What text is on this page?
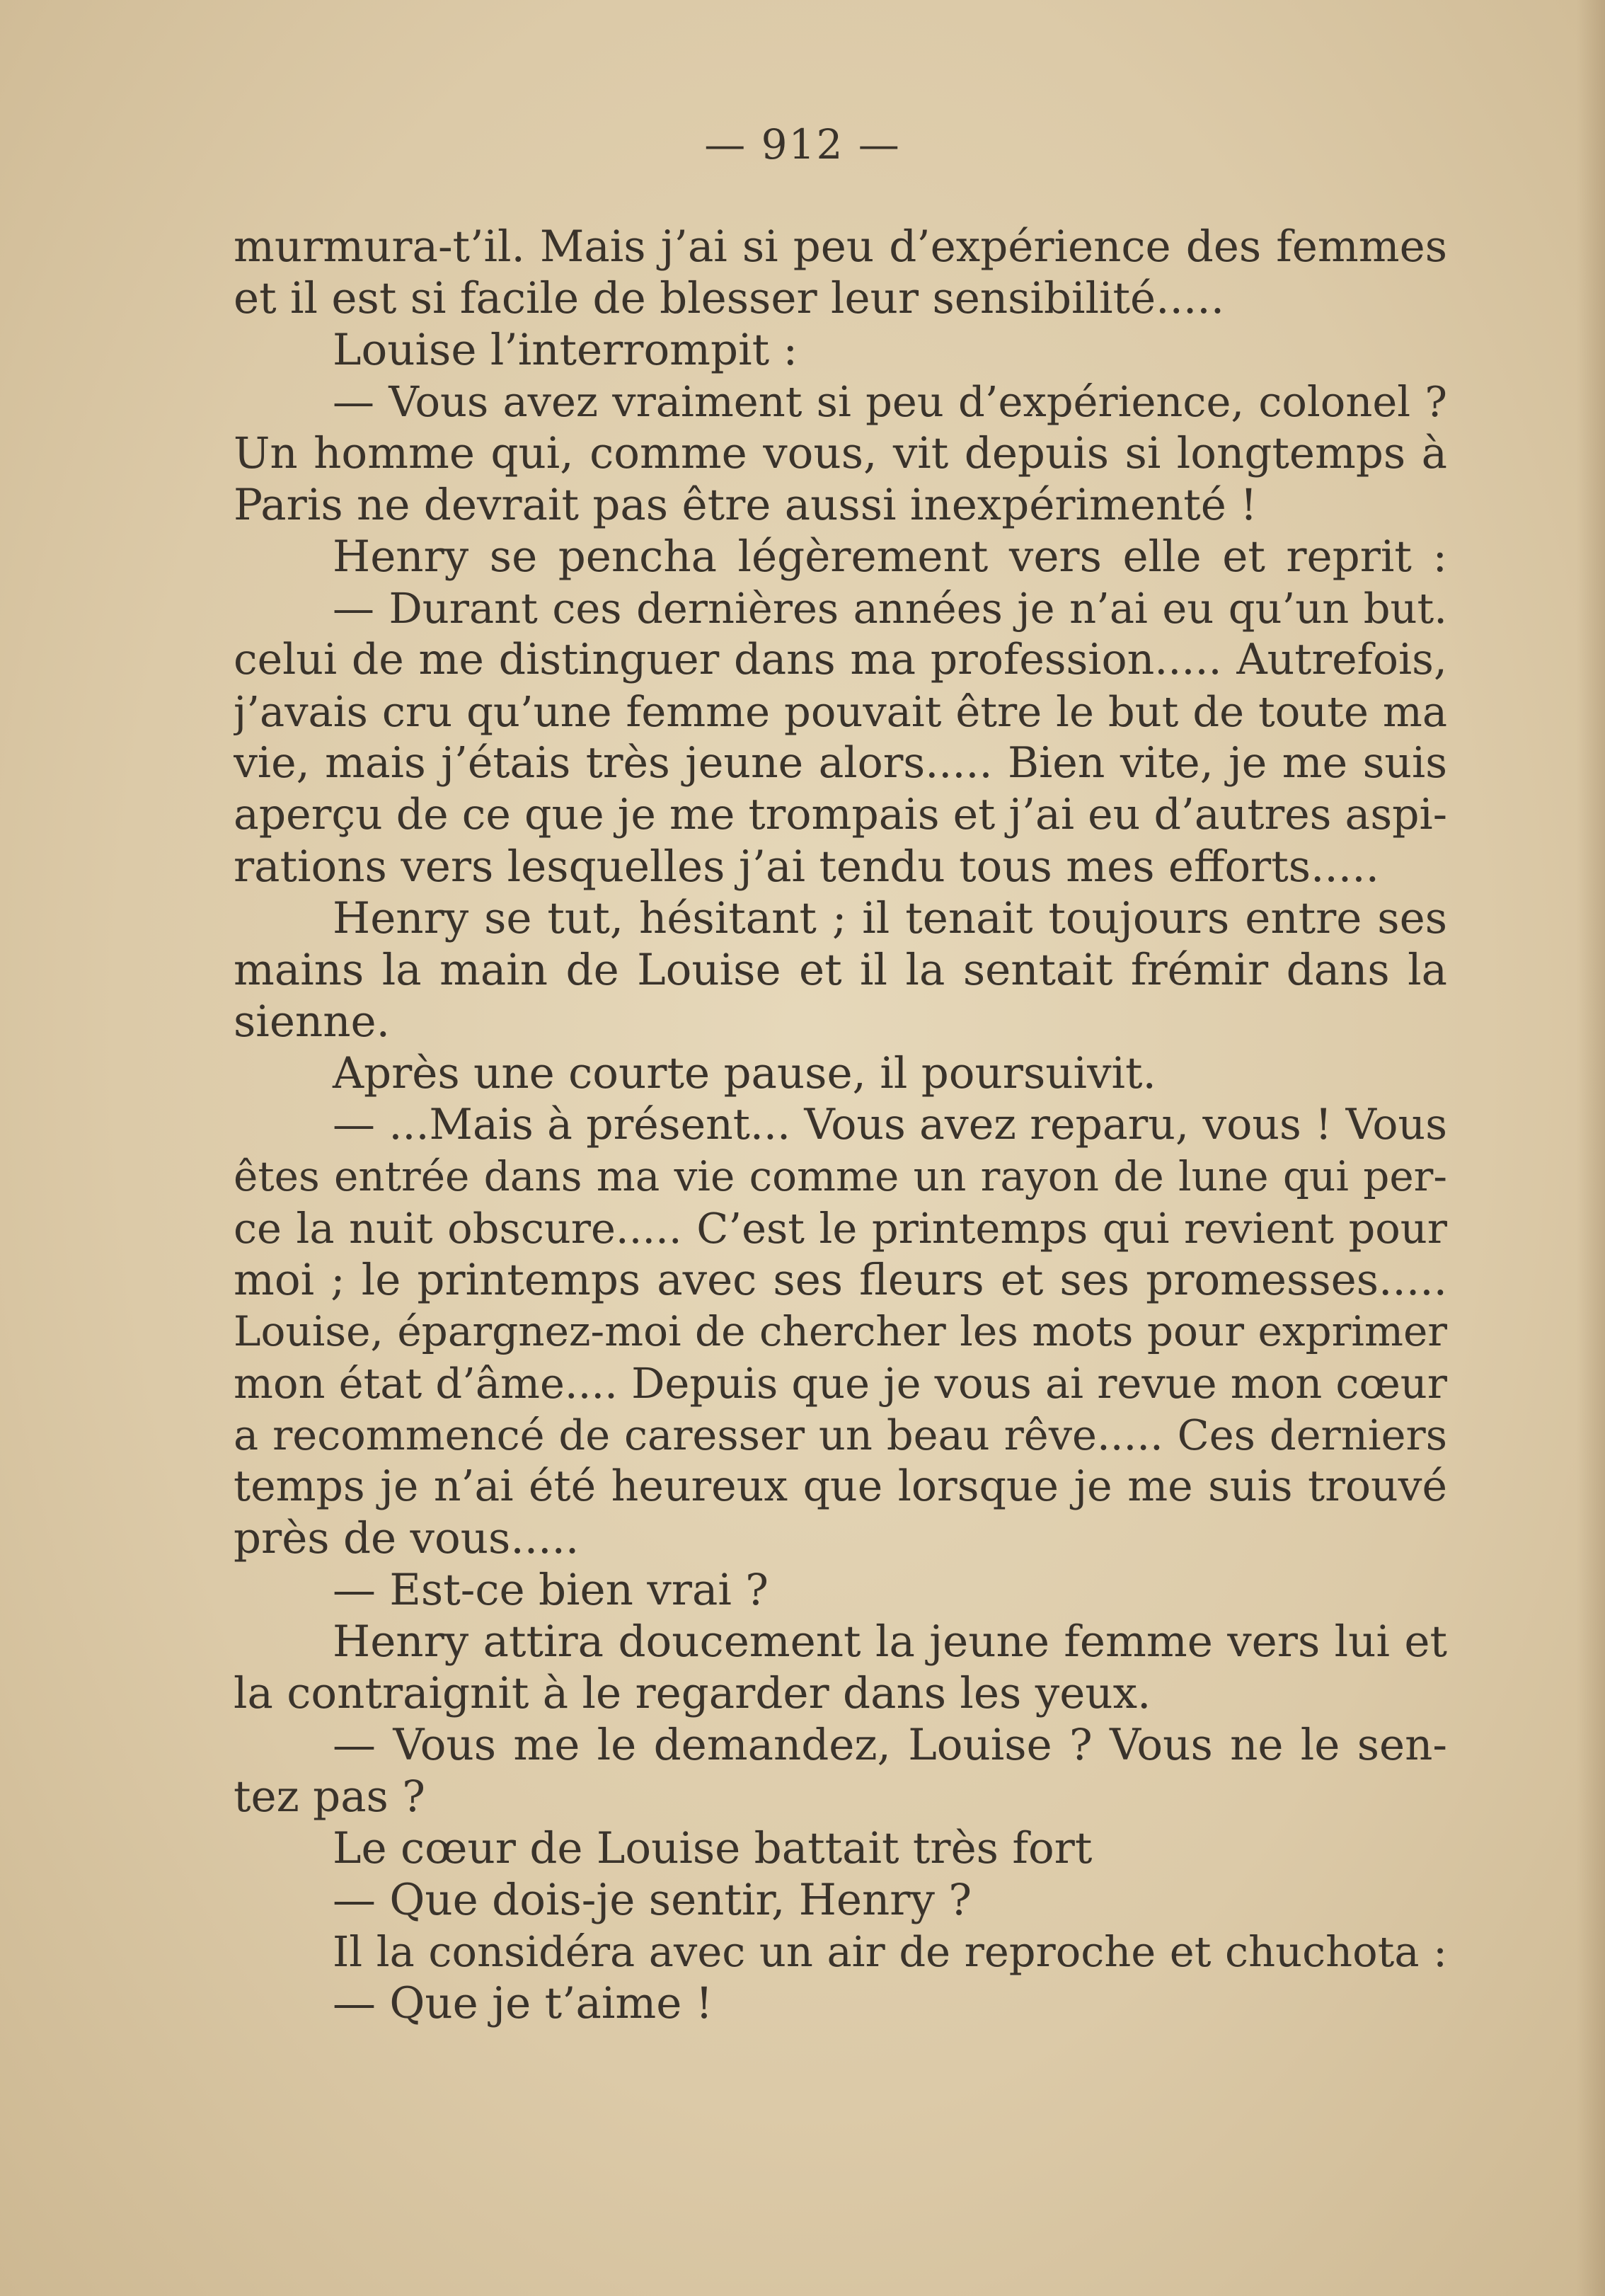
— 912 —
murmura-t’il. Mais j’ai si peu d’expérience des femmes
et il est si facile de blesser leur sensibilité.....
Louise l’interrompit :
— Vous avez vraiment si peu d’expérience, colonel ?
Un homme qui, comme vous, vit depuis si longtemps à
Paris ne devrait pas être aussi inexpérimenté !
Henry se pencha légèrement vers elle et reprit :
— Durant ces dernières années je n’ai eu qu’un but.
celui de me distinguer dans ma profession..... Autrefois,
j’avais cru qu’une femme pouvait être le but de toute ma
vie, mais j’étais très jeune alors..... Bien vite, je me suis
aperçu de ce que je me trompais et j’ai eu d’autres aspi-
rations vers lesquelles j’ai tendu tous mes efforts.....
Henry se tut, hésitant ; il tenait toujours entre ses
mains la main de Louise et il la sentait frémir dans la
sienne.
Après une courte pause, il poursuivit.
— ...Mais à présent... Vous avez reparu, vous ! Vous
êtes entrée dans ma vie comme un rayon de lune qui per-
ce la nuit obscure..... C’est le printemps qui revient pour
moi ; le printemps avec ses fleurs et ses promesses.....
Louise, épargnez-moi de chercher les mots pour exprimer
mon état d’âme.... Depuis que je vous ai revue mon cœur
a recommencé de caresser un beau rêve..... Ces derniers
temps je n’ai été heureux que lorsque je me suis trouvé
près de vous.....
— Est-ce bien vrai ?
Henry attira doucement la jeune femme vers lui et
la contraignit à le regarder dans les yeux.
— Vous me le demandez, Louise ? Vous ne le sen-
tez pas ?
Le cœur de Louise battait très fort
— Que dois-je sentir, Henry ?
Il la considéra avec un air de reproche et chuchota :
— Que je t’aime !
